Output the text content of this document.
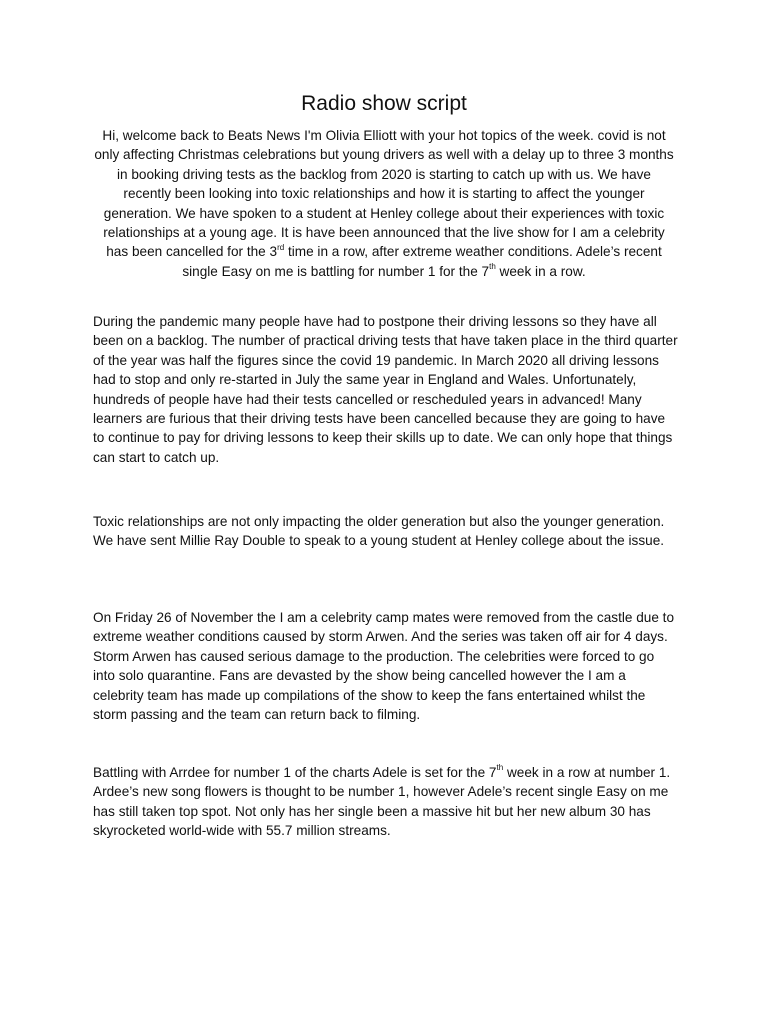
Radio show script
Hi, welcome back to Beats News I'm Olivia Elliott with your hot topics of the week. covid is not only affecting Christmas celebrations but young drivers as well with a delay up to three 3 months in booking driving tests as the backlog from 2020 is starting to catch up with us. We have recently been looking into toxic relationships and how it is starting to affect the younger generation. We have spoken to a student at Henley college about their experiences with toxic relationships at a young age. It is have been announced that the live show for I am a celebrity has been cancelled for the 3rd time in a row, after extreme weather conditions. Adele’s recent single Easy on me is battling for number 1 for the 7th week in a row.
During the pandemic many people have had to postpone their driving lessons so they have all been on a backlog. The number of practical driving tests that have taken place in the third quarter of the year was half the figures since the covid 19 pandemic. In March 2020 all driving lessons had to stop and only re-started in July the same year in England and Wales. Unfortunately, hundreds of people have had their tests cancelled or rescheduled years in advanced! Many learners are furious that their driving tests have been cancelled because they are going to have to continue to pay for driving lessons to keep their skills up to date. We can only hope that things can start to catch up.
Toxic relationships are not only impacting the older generation but also the younger generation. We have sent Millie Ray Double to speak to a young student at Henley college about the issue.
On Friday 26 of November the I am a celebrity camp mates were removed from the castle due to extreme weather conditions caused by storm Arwen. And the series was taken off air for 4 days. Storm Arwen has caused serious damage to the production. The celebrities were forced to go into solo quarantine. Fans are devasted by the show being cancelled however the I am a celebrity team has made up compilations of the show to keep the fans entertained whilst the storm passing and the team can return back to filming.
Battling with Arrdee for number 1 of the charts Adele is set for the 7th week in a row at number 1. Ardee’s new song flowers is thought to be number 1, however Adele’s recent single Easy on me has still taken top spot. Not only has her single been a massive hit but her new album 30 has skyrocketed world-wide with 55.7 million streams.
